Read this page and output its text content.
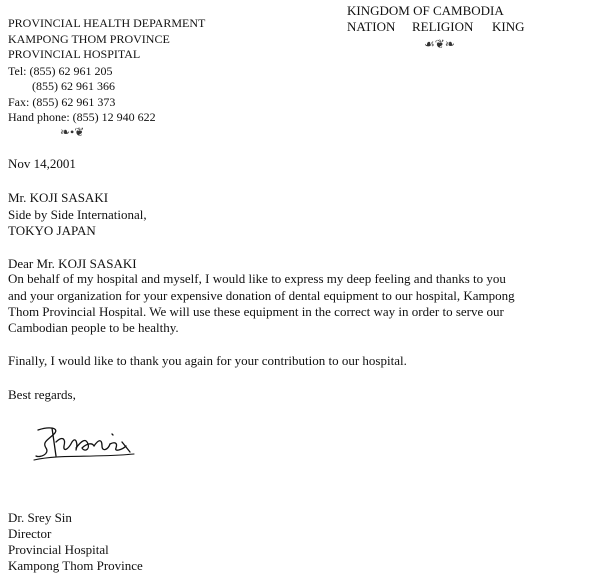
PROVINCIAL HEALTH DEPARMENT
KAMPONG THOM PROVINCE
PROVINCIAL HOSPITAL
Tel: (855) 62 961 205
(855) 62 961 366
Fax: (855) 62 961 373
Hand phone: (855) 12 940 622
❧•❦
KINGDOM OF CAMBODIA
NATION RELIGION KING
☙❦❧
Nov 14,2001
Mr. KOJI SASAKI
Side by Side International,
TOKYO JAPAN
Dear Mr. KOJI SASAKI
On behalf of my hospital and myself, I would like to express my deep feeling and thanks to you
and your organization for your expensive donation of dental equipment to our hospital, Kampong
Thom Provincial Hospital. We will use these equipment in the correct way in order to serve our
Cambodian people to be healthy.
Finally, I would like to thank you again for your contribution to our hospital.
Best regards,
Dr. Srey Sin
Director
Provincial Hospital
Kampong Thom Province
